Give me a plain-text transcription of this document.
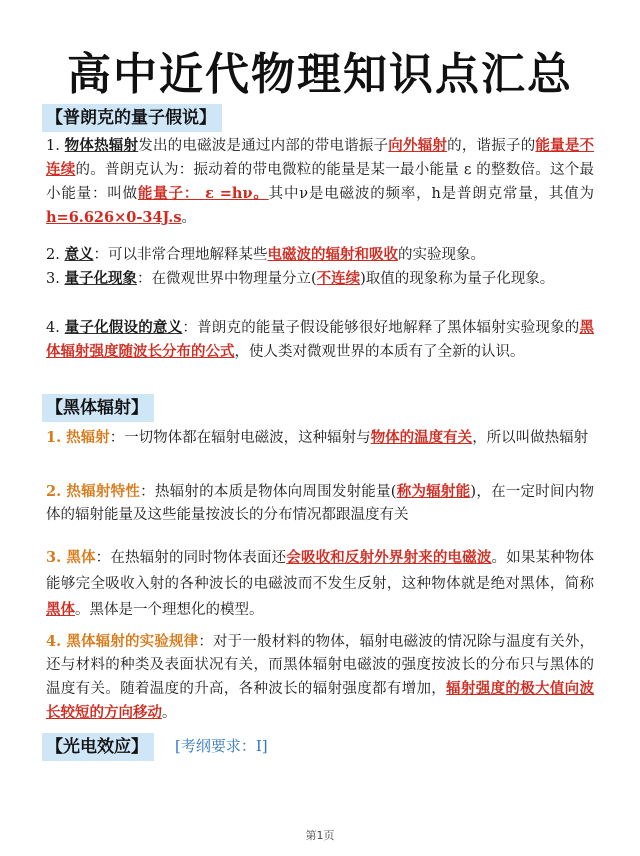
高中近代物理知识点汇总
【普朗克的量子假说】

1. 物体热辐射发出的电磁波是通过内部的带电谐振子向外辐射的，谐振子的能量是不连续的。普朗克认为：振动着的带电微粒的能量是某一最小能量 ε 的整数倍。这个最小能量：叫做能量子： ε =hν。其中ν是电磁波的频率，h是普朗克常量，其值为h=6.626×0-34J.s。

2. 意义：可以非常合理地解释某些电磁波的辐射和吸收的实验现象。

3. 量子化现象：在微观世界中物理量分立(不连续)取值的现象称为量子化现象。

4. 量子化假设的意义：普朗克的能量子假设能够很好地解释了黑体辐射实验现象的黑体辐射强度随波长分布的公式，使人类对微观世界的本质有了全新的认识。

【黑体辐射】

1. 热辐射：一切物体都在辐射电磁波，这种辐射与物体的温度有关，所以叫做热辐射

2. 热辐射特性：热辐射的本质是物体向周围发射能量(称为辐射能)，在一定时间内物体的辐射能量及这些能量按波长的分布情况都跟温度有关

3. 黑体：在热辐射的同时物体表面还会吸收和反射外界射来的电磁波。如果某种物体能够完全吸收入射的各种波长的电磁波而不发生反射，这种物体就是绝对黑体，简称黑体。黑体是一个理想化的模型。

4. 黑体辐射的实验规律：对于一般材料的物体，辐射电磁波的情况除与温度有关外，还与材料的种类及表面状况有关，而黑体辐射电磁波的强度按波长的分布只与黑体的温度有关。随着温度的升高，各种波长的辐射强度都有增加，辐射强度的极大值向波长较短的方向移动。

【光电效应】	[考纲要求：Ⅰ]
第1页
